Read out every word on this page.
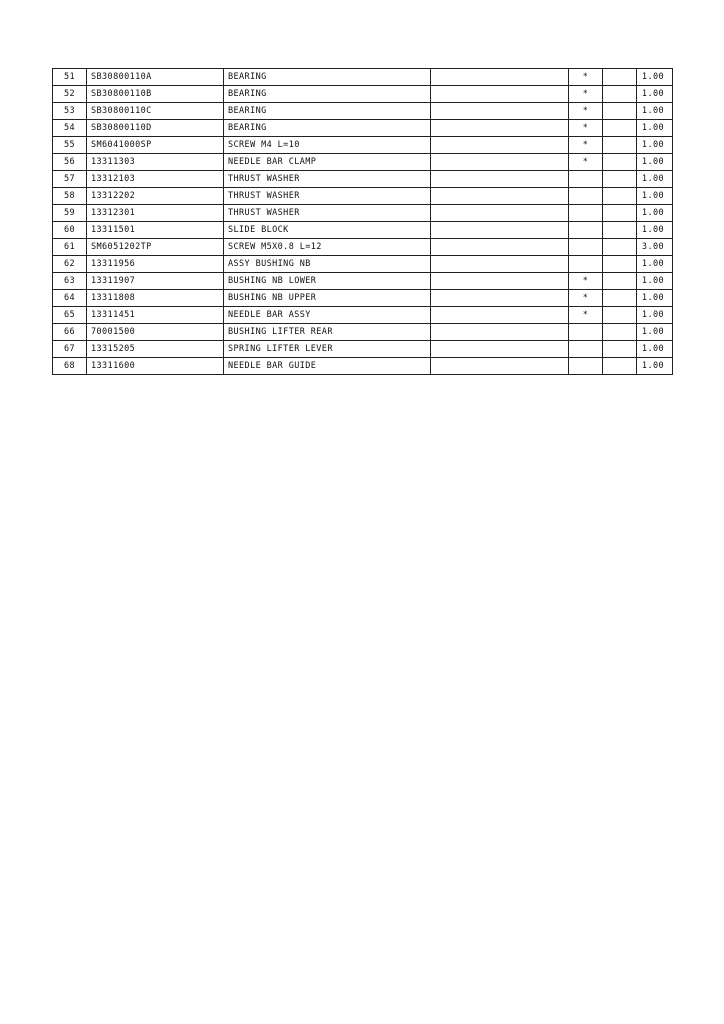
51	SB30800110A	BEARING		*		1.00
52	SB30800110B	BEARING		*		1.00
53	SB30800110C	BEARING		*		1.00
54	SB30800110D	BEARING		*		1.00
55	SM6041000SP	SCREW M4 L=10		*		1.00
56	13311303	NEEDLE BAR CLAMP		*		1.00
57	13312103	THRUST WASHER				1.00
58	13312202	THRUST WASHER				1.00
59	13312301	THRUST WASHER				1.00
60	13311501	SLIDE BLOCK				1.00
61	SM6051202TP	SCREW M5X0.8 L=12				3.00
62	13311956	ASSY BUSHING NB				1.00
63	13311907	BUSHING NB LOWER		*		1.00
64	13311808	BUSHING NB UPPER		*		1.00
65	13311451	NEEDLE BAR ASSY		*		1.00
66	70001500	BUSHING LIFTER REAR				1.00
67	13315205	SPRING LIFTER LEVER				1.00
68	13311600	NEEDLE BAR GUIDE				1.00
